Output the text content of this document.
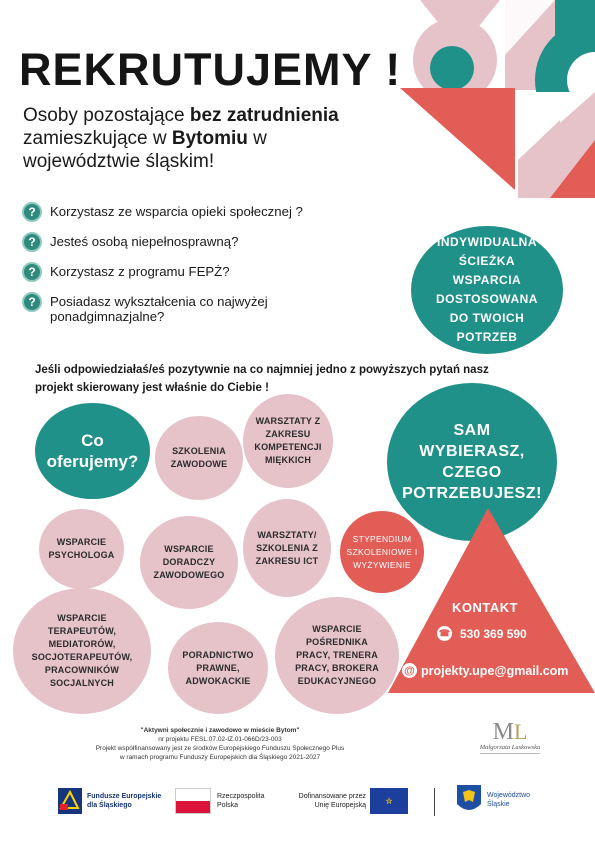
REKRUTUJEMY !
Osoby pozostające bez zatrudnienia
zamieszkujące w Bytomiu w
województwie śląskim!
?	Korzystasz ze wsparcia opieki społecznej ?
?	Jesteś osobą niepełnosprawną?
?	Korzystasz z programu FEPŻ?
?	Posiadasz wykształcenia co najwyżej ponadgimnazjalne?
INDYWIDUALNA ŚCIEŻKA WSPARCIA DOSTOSOWANA DO TWOICH POTRZEB
Jeśli odpowiedziałaś/eś pozytywnie na co najmniej jedno z powyższych pytań nasz projekt skierowany jest właśnie do Ciebie !
Co oferujemy?
SAM WYBIERASZ, CZEGO POTRZEBUJESZ!
SZKOLENIA ZAWODOWE
WARSZTATY Z ZAKRESU KOMPETENCJI MIĘKKICH
WSPARCIE PSYCHOLOGA
WSPARCIE DORADCZY ZAWODOWEGO
WARSZTATY/ SZKOLENIA Z ZAKRESU ICT
STYPENDIUM SZKOLENIOWE I WYŻYWIENIE
WSPARCIE TERAPEUTÓW, MEDIATORÓW, SOCJOTERAPEUTÓW, PRACOWNIKÓW SOCJALNYCH
PORADNICTWO PRAWNE, ADWOKACKIE
WSPARCIE POŚREDNIKA PRACY, TRENERA PRACY, BROKERA EDUKACYJNEGO
KONTAKT
☎ 530 369 590
@ projekty.upe@gmail.com
"Aktywni społecznie i zawodowo w mieście Bytom"
nr projektu FESL.07.02-IZ.01-066D/23-003
Projekt współfinansowany jest ze środków Europejskiego Funduszu Społecznego Plus
w ramach programu Funduszy Europejskich dla Śląskiego 2021-2027
ML
Małgorzata Laskowska
Fundusze Europejskie dla Śląskiego
Rzeczpospolita Polska
Dofinansowane przez Unię Europejską	✮	Województwo Śląskie
